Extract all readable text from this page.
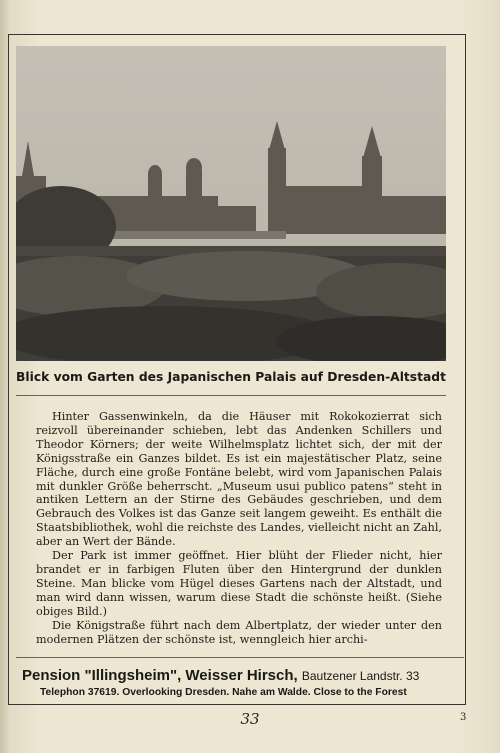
Blick vom Garten des Japanischen Palais auf Dresden-Altstadt

Hinter Gassenwinkeln, da die Häuser mit Rokokozierrat sich reizvoll übereinander schieben, lebt das Andenken Schillers und Theodor Körners; der weite Wilhelmsplatz lichtet sich, der mit der Königsstraße ein Ganzes bildet. Es ist ein majestätischer Platz, seine Fläche, durch eine große Fontäne belebt, wird vom Japanischen Palais mit dunkler Größe beherrscht. „Museum usui publico patens“ steht in antiken Lettern an der Stirne des Gebäudes geschrieben, und dem Gebrauch des Volkes ist das Ganze seit langem geweiht. Es enthält die Staatsbibliothek, wohl die reichste des Landes, vielleicht nicht an Zahl, aber an Wert der Bände.

Der Park ist immer geöffnet. Hier blüht der Flieder nicht, hier brandet er in farbigen Fluten über den Hintergrund der dunklen Steine. Man blicke vom Hügel dieses Gartens nach der Altstadt, und man wird dann wissen, warum diese Stadt die schönste heißt. (Siehe obiges Bild.)

Die Königstraße führt nach dem Albertplatz, der wieder unter den modernen Plätzen der schönste ist, wenngleich hier archi-

Pension "Illingsheim", Weisser Hirsch, Bautzener Landstr. 33
Telephon 37619. Overlooking Dresden. Nahe am Walde. Close to the Forest
33	3
